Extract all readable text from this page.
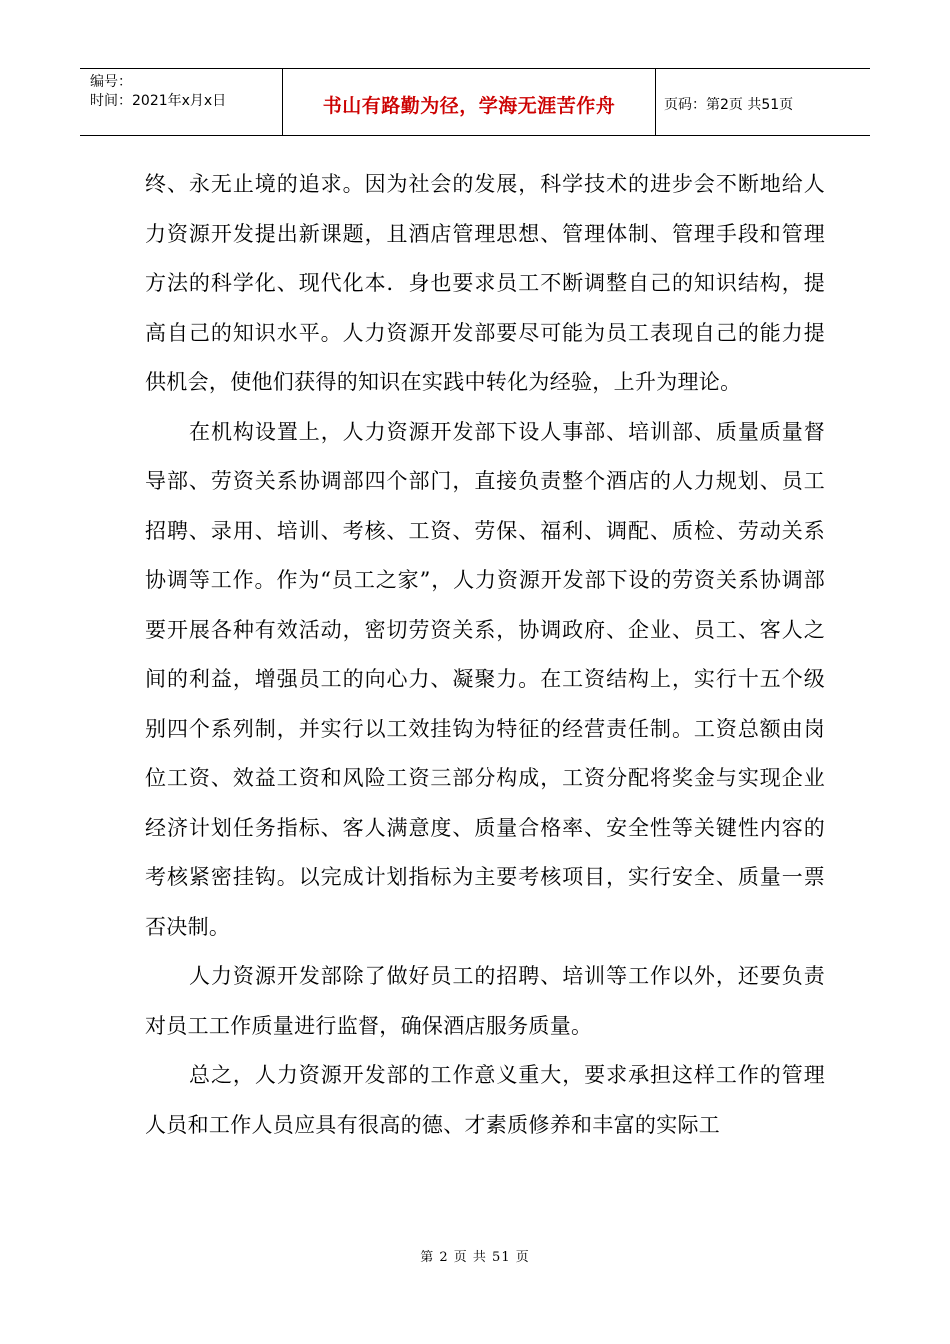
编号：
时间：2021年x月x日	书山有路勤为径，学海无涯苦作舟	页码：第2页 共51页

终、永无止境的追求。因为社会的发展，科学技术的进步会不断地给人力资源开发提出新课题，且酒店管理思想、管理体制、管理手段和管理方法的科学化、现代化本．身也要求员工不断调整自己的知识结构，提高自己的知识水平。人力资源开发部要尽可能为员工表现自己的能力提供机会，使他们获得的知识在实践中转化为经验，上升为理论。

在机构设置上，人力资源开发部下设人事部、培训部、质量质量督导部、劳资关系协调部四个部门，直接负责整个酒店的人力规划、员工招聘、录用、培训、考核、工资、劳保、福利、调配、质检、劳动关系协调等工作。作为“员工之家”，人力资源开发部下设的劳资关系协调部要开展各种有效活动，密切劳资关系，协调政府、企业、员工、客人之间的利益，增强员工的向心力、凝聚力。在工资结构上，实行十五个级别四个系列制，并实行以工效挂钩为特征的经营责任制。工资总额由岗位工资、效益工资和风险工资三部分构成，工资分配将奖金与实现企业经济计划任务指标、客人满意度、质量合格率、安全性等关键性内容的考核紧密挂钩。以完成计划指标为主要考核项目，实行安全、质量一票否决制。

人力资源开发部除了做好员工的招聘、培训等工作以外，还要负责对员工工作质量进行监督，确保酒店服务质量。

总之，人力资源开发部的工作意义重大，要求承担这样工作的管理人员和工作人员应具有很高的德、才素质修养和丰富的实际工

第 2 页 共 51 页
